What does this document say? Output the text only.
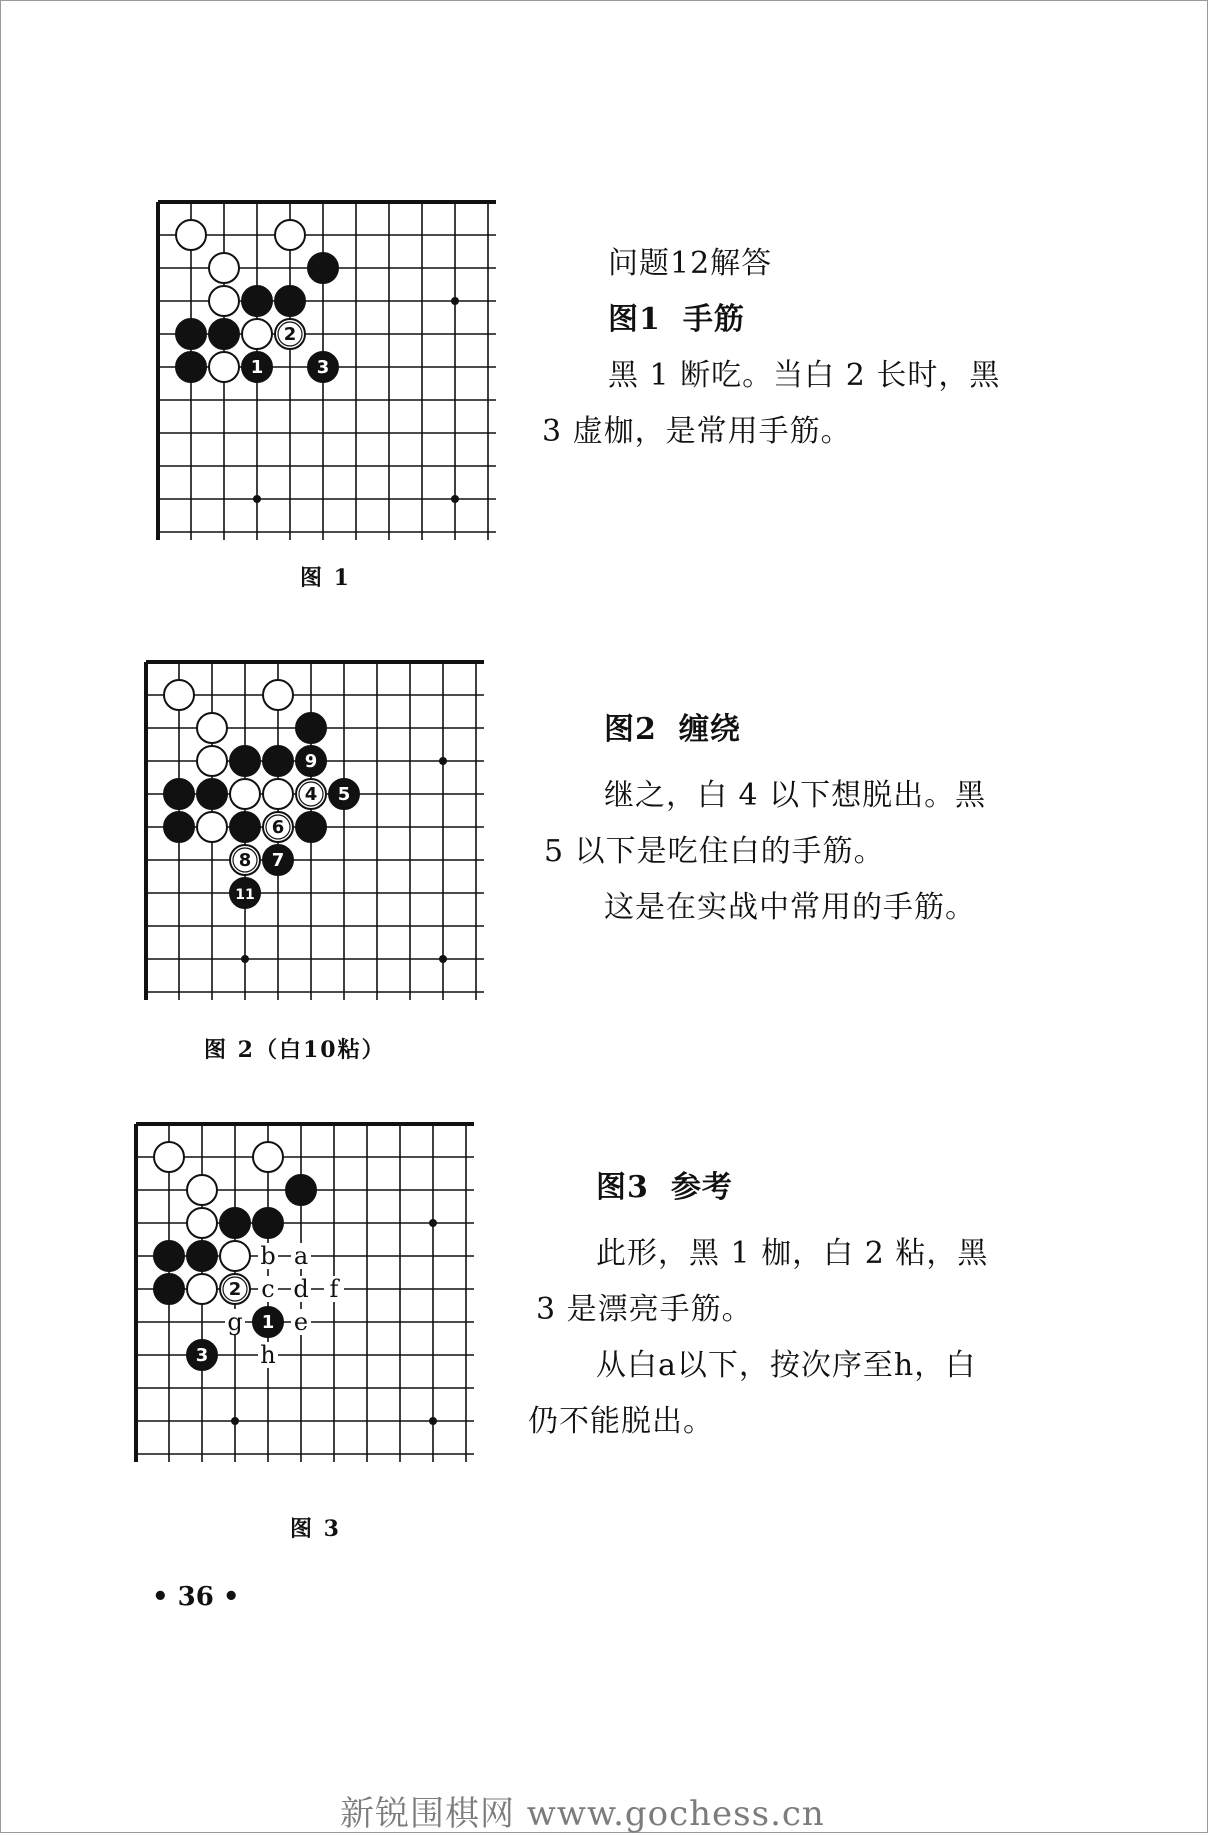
2
1	3
图 1
9
4 5
6
8 7
11
图 2（白10粘）
2
1
3
b a
c d f
g e
h
图 3

问题12解答

图1 手筋

黑 1 断吃。当白 2 长时，黑

3 虚枷，是常用手筋。

图2 缠绕

继之，白 4 以下想脱出。黑

5 以下是吃住白的手筋。

这是在实战中常用的手筋。

图3 参考

此形，黑 1 枷，白 2 粘，黑

3 是漂亮手筋。

从白a以下，按次序至h，白

仍不能脱出。

• 36 •
新锐围棋网 www.gochess.cn
